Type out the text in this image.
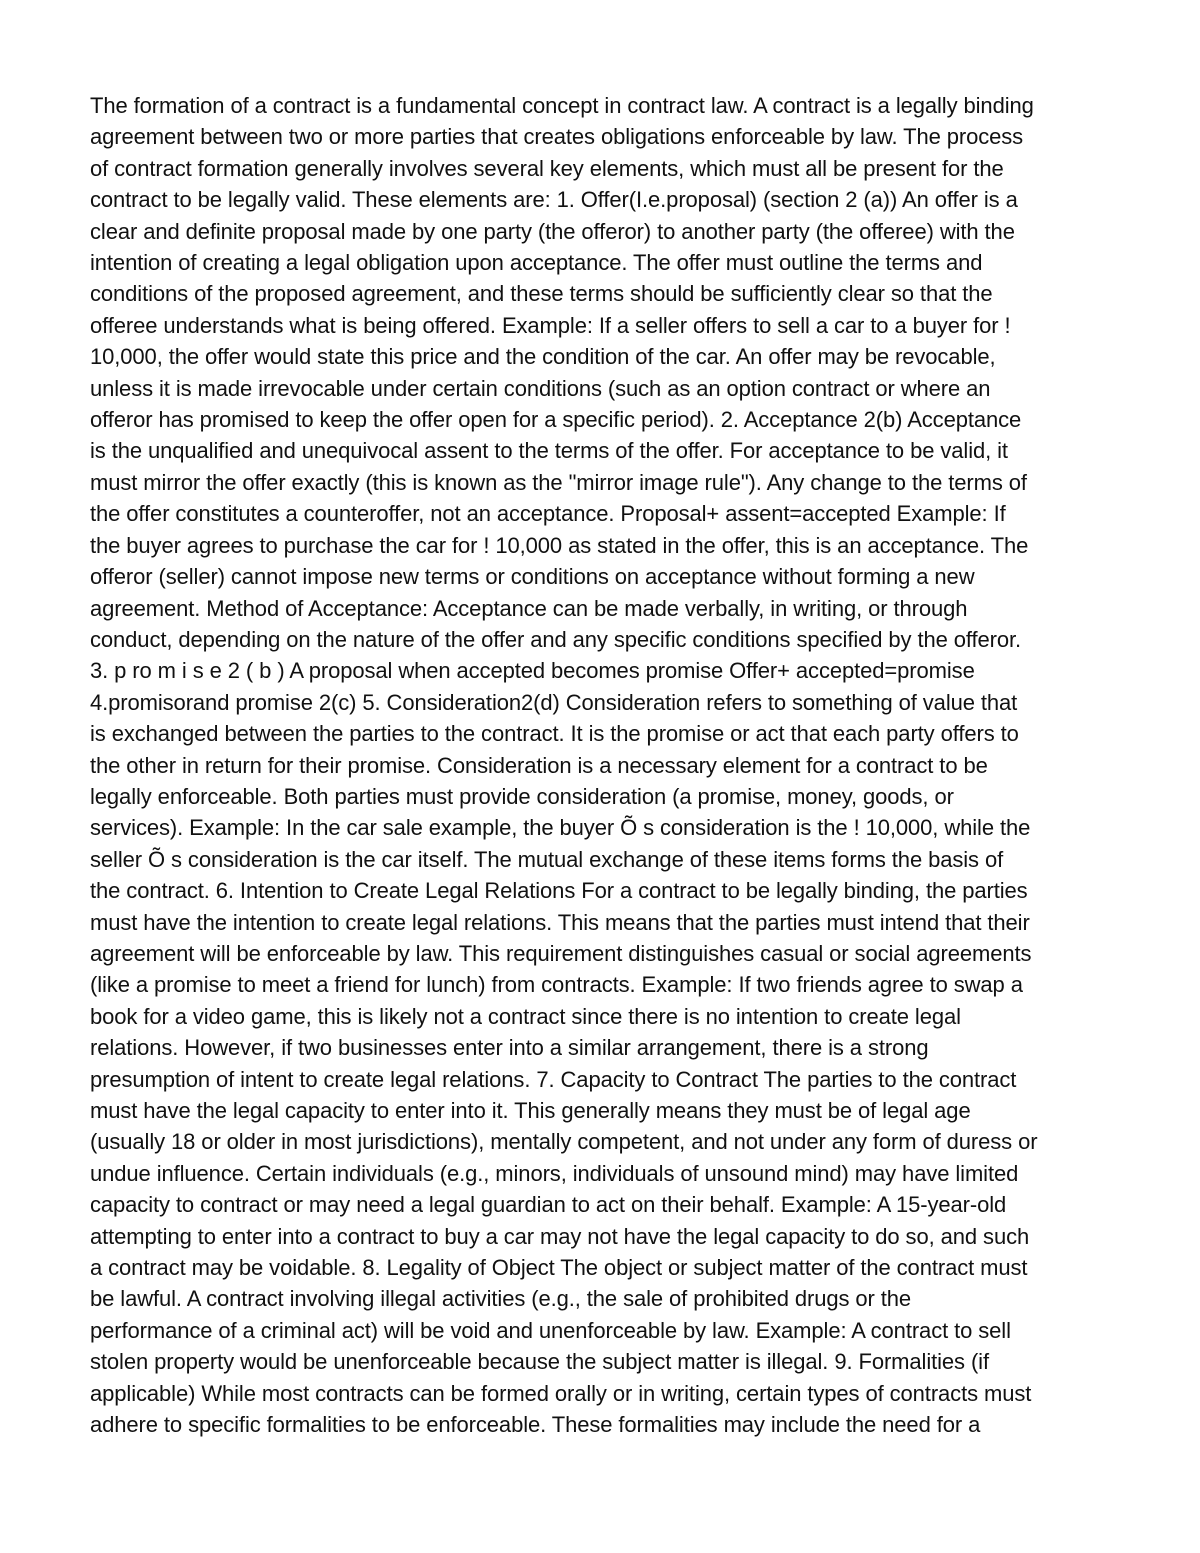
The formation of a contract is a fundamental concept in contract law. A contract is a legally binding
agreement between two or more parties that creates obligations enforceable by law. The process
of contract formation generally involves several key elements, which must all be present for the
contract to be legally valid. These elements are: 1. Offer(I.e.proposal) (section 2 (a)) An offer is a
clear and definite proposal made by one party (the offeror) to another party (the offeree) with the
intention of creating a legal obligation upon acceptance. The offer must outline the terms and
conditions of the proposed agreement, and these terms should be sufficiently clear so that the
offeree understands what is being offered. Example: If a seller offers to sell a car to a buyer for !
10,000, the offer would state this price and the condition of the car. An offer may be revocable,
unless it is made irrevocable under certain conditions (such as an option contract or where an
offeror has promised to keep the offer open for a specific period). 2. Acceptance 2(b) Acceptance
is the unqualified and unequivocal assent to the terms of the offer. For acceptance to be valid, it
must mirror the offer exactly (this is known as the "mirror image rule"). Any change to the terms of
the offer constitutes a counteroffer, not an acceptance. Proposal+ assent=accepted Example: If
the buyer agrees to purchase the car for ! 10,000 as stated in the offer, this is an acceptance. The
offeror (seller) cannot impose new terms or conditions on acceptance without forming a new
agreement. Method of Acceptance: Acceptance can be made verbally, in writing, or through
conduct, depending on the nature of the offer and any specific conditions specified by the offeror.
3. p ro m i s e 2 ( b ) A proposal when accepted becomes promise Offer+ accepted=promise
4.promisorand promise 2(c) 5. Consideration2(d) Consideration refers to something of value that
is exchanged between the parties to the contract. It is the promise or act that each party offers to
the other in return for their promise. Consideration is a necessary element for a contract to be
legally enforceable. Both parties must provide consideration (a promise, money, goods, or
services). Example: In the car sale example, the buyer Õ s consideration is the ! 10,000, while the
seller Õ s consideration is the car itself. The mutual exchange of these items forms the basis of
the contract. 6. Intention to Create Legal Relations For a contract to be legally binding, the parties
must have the intention to create legal relations. This means that the parties must intend that their
agreement will be enforceable by law. This requirement distinguishes casual or social agreements
(like a promise to meet a friend for lunch) from contracts. Example: If two friends agree to swap a
book for a video game, this is likely not a contract since there is no intention to create legal
relations. However, if two businesses enter into a similar arrangement, there is a strong
presumption of intent to create legal relations. 7. Capacity to Contract The parties to the contract
must have the legal capacity to enter into it. This generally means they must be of legal age
(usually 18 or older in most jurisdictions), mentally competent, and not under any form of duress or
undue influence. Certain individuals (e.g., minors, individuals of unsound mind) may have limited
capacity to contract or may need a legal guardian to act on their behalf. Example: A 15-year-old
attempting to enter into a contract to buy a car may not have the legal capacity to do so, and such
a contract may be voidable. 8. Legality of Object The object or subject matter of the contract must
be lawful. A contract involving illegal activities (e.g., the sale of prohibited drugs or the
performance of a criminal act) will be void and unenforceable by law. Example: A contract to sell
stolen property would be unenforceable because the subject matter is illegal. 9. Formalities (if
applicable) While most contracts can be formed orally or in writing, certain types of contracts must
adhere to specific formalities to be enforceable. These formalities may include the need for a
